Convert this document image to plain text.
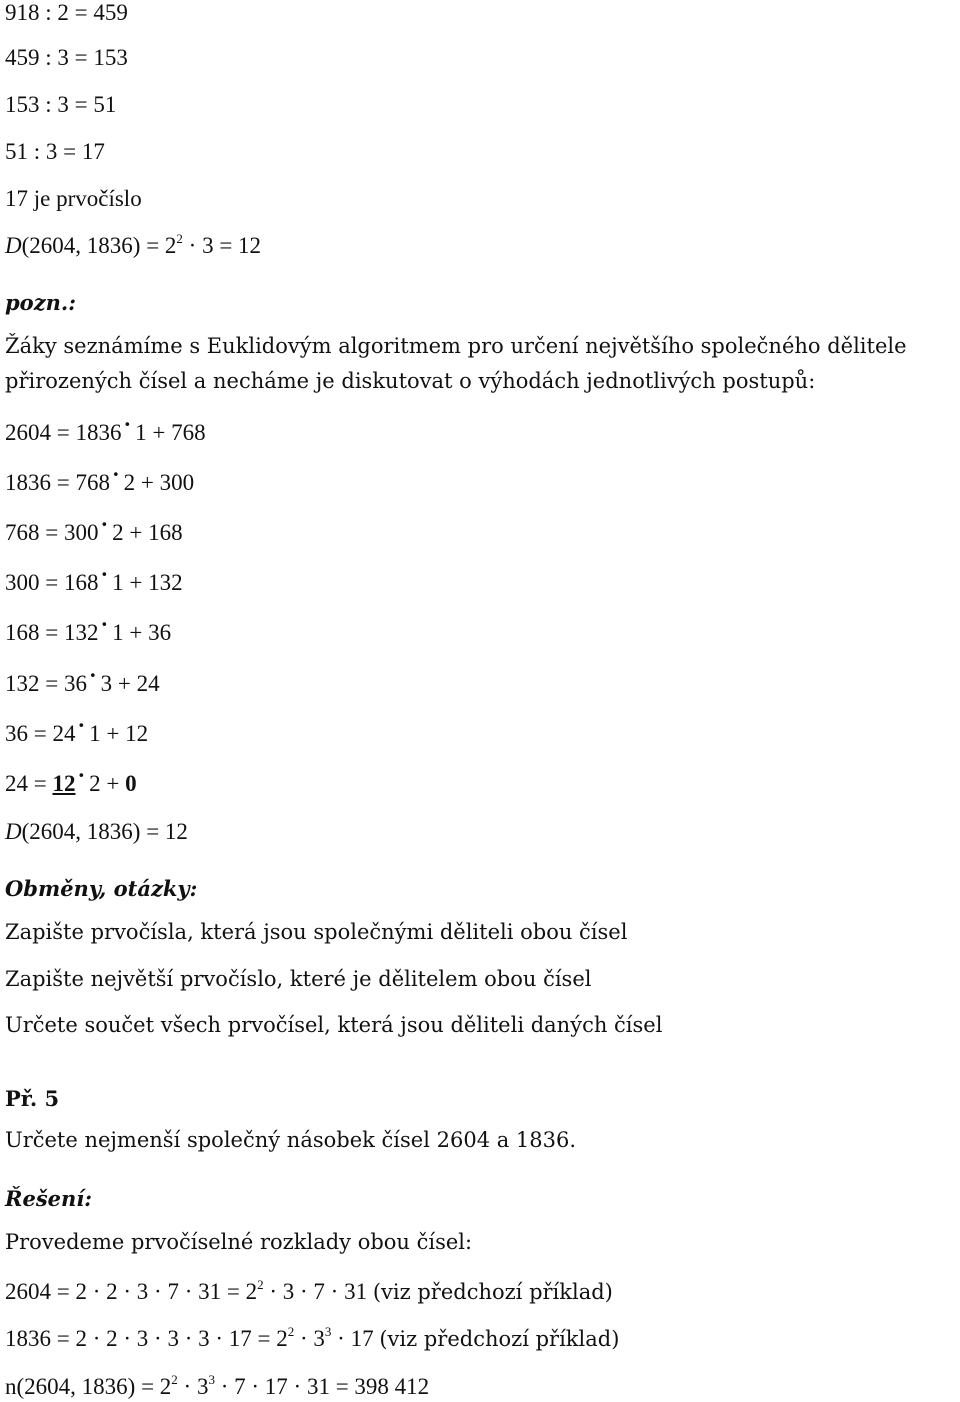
918 : 2 = 459
459 : 3 = 153
153 : 3 = 51
51 : 3 = 17
17 je prvočíslo
D(2604, $1836) = 2^2 \cdot 3 = 12$
pozn.:
Žáky seznámíme s Euklidovým algoritmem pro určení největšího společného dělitele
přirozených čísel a necháme je diskutovat o výhodách jednotlivých postupů:
2604 = 1836· 1 + 768
1836 = 768· 2 + 300
768 = 300· 2 + 168
300 = 168· 1 + 132
168 = 132· 1 + 36
132 = 36· 3 + 24
36 = 24· 1 + 12
24 = 12· 2 + 0
D(2604, 1836) = 12
Obměny, otázky:
Zapište prvočísla, která jsou společnými děliteli obou čísel
Zapište největší prvočíslo, které je dělitelem obou čísel
Určete součet všech prvočísel, která jsou děliteli daných čísel
Př. 5
Určete nejmenší společný násobek čísel 2604 a 1836.
Řešení:
Provedeme prvočíselné rozklady obou čísel:
$2604 = 2 \cdot 2 \cdot 3 \cdot 7 \cdot 31 = 2^2 \cdot 3 \cdot 7 \cdot 31$ (viz předchozí příklad)
$1836 = 2 \cdot 2 \cdot 3 \cdot 3 \cdot 3 \cdot 17 = 2^2 \cdot 3^3 \cdot 17$ (viz předchozí příklad)
n(2604, $1836) = 2^2 \cdot 3^3 \cdot 7 \cdot 17 \cdot 31 = 398$ 412
